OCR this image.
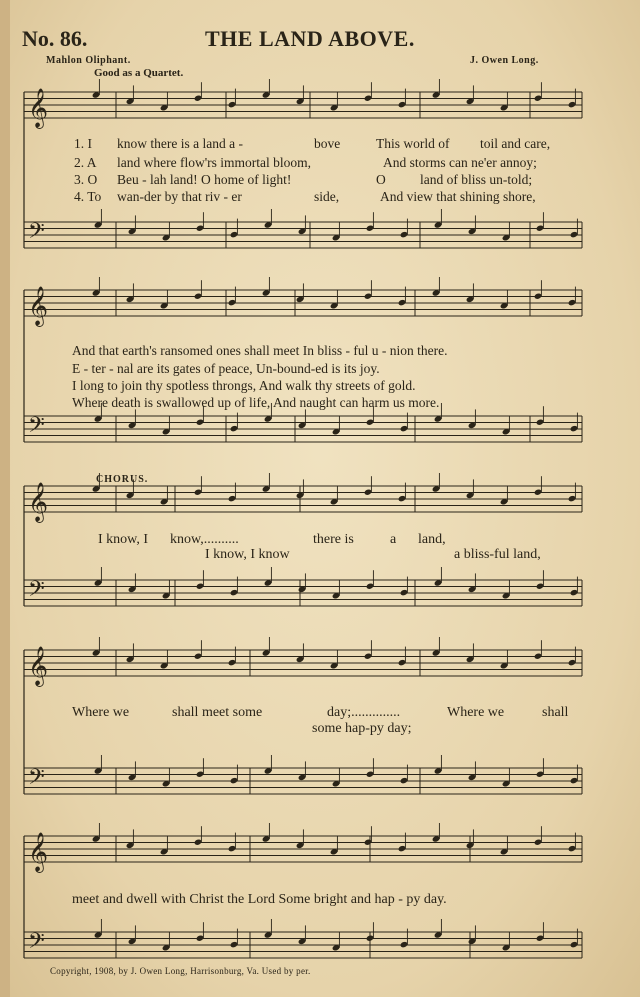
No. 86.	THE LAND ABOVE.
Mahlon Oliphant.	J. Owen Long.
Good as a Quartet.
1. I know there is a land a -	bove	This world of toil and care,
2. A land where flow'rs immortal bloom,	And storms can ne'er annoy;
3. O Beu - lah land! O home of light!	O	land of bliss un-told;
4. To wan-der by that riv - er	side,	And view that shining shore,
And that earth's ransomed ones shall meet In bliss - ful u - nion there.
E - ter - nal are its gates of peace, Un-bound-ed is its joy.
I long to join thy spotless throngs, And walk thy streets of gold.
Where death is swallowed up of life, And naught can harm us more.
CHORUS.
I know, I know,..........	there is	a land,
I know, I know	a bliss-ful land,
Where we	shall meet some	day;..............	Where we	shall
some hap-py day;
meet and dwell with Christ the Lord Some bright and hap - py day.
Copyright, 1908, by J. Owen Long, Harrisonburg, Va. Used by per.
𝄞
𝄢
𝄞
𝄢
𝄞
𝄢
𝄞
𝄢
𝄞
𝄢
